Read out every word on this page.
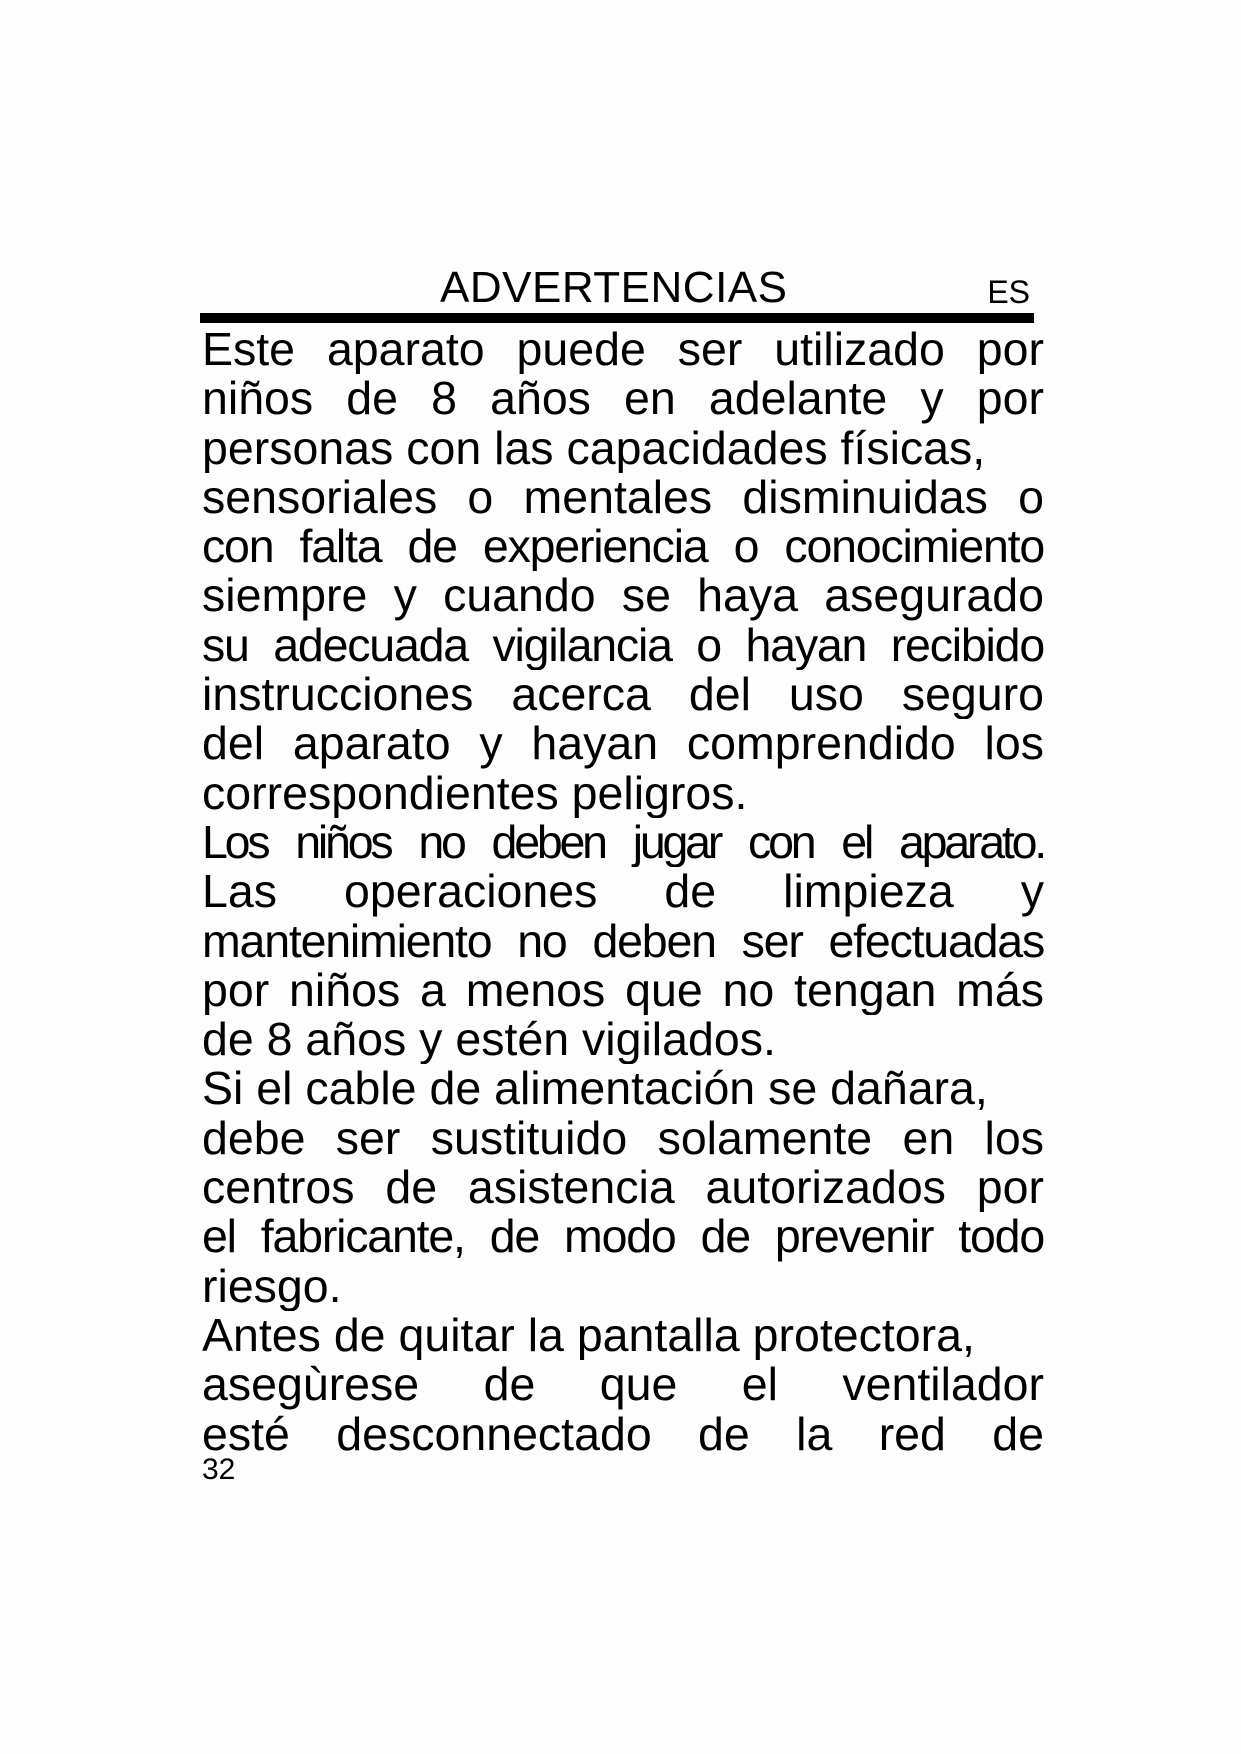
ADVERTENCIAS	ES
Este aparato puede ser utilizado por
niños de 8 años en adelante y por
personas con las capacidades físicas,
sensoriales o mentales disminuidas o
con falta de experiencia o conocimiento
siempre y cuando se haya asegurado
su adecuada vigilancia o hayan recibido
instrucciones acerca del uso seguro
del aparato y hayan comprendido los
correspondientes peligros.
Los niños no deben jugar con el aparato.
Las operaciones de limpieza y
mantenimiento no deben ser efectuadas
por niños a menos que no tengan más
de 8 años y estén vigilados.
Si el cable de alimentación se dañara,
debe ser sustituido solamente en los
centros de asistencia autorizados por
el fabricante, de modo de prevenir todo
riesgo.
Antes de quitar la pantalla protectora,
asegùrese de que el ventilador
esté desconnectado de la red de
32
